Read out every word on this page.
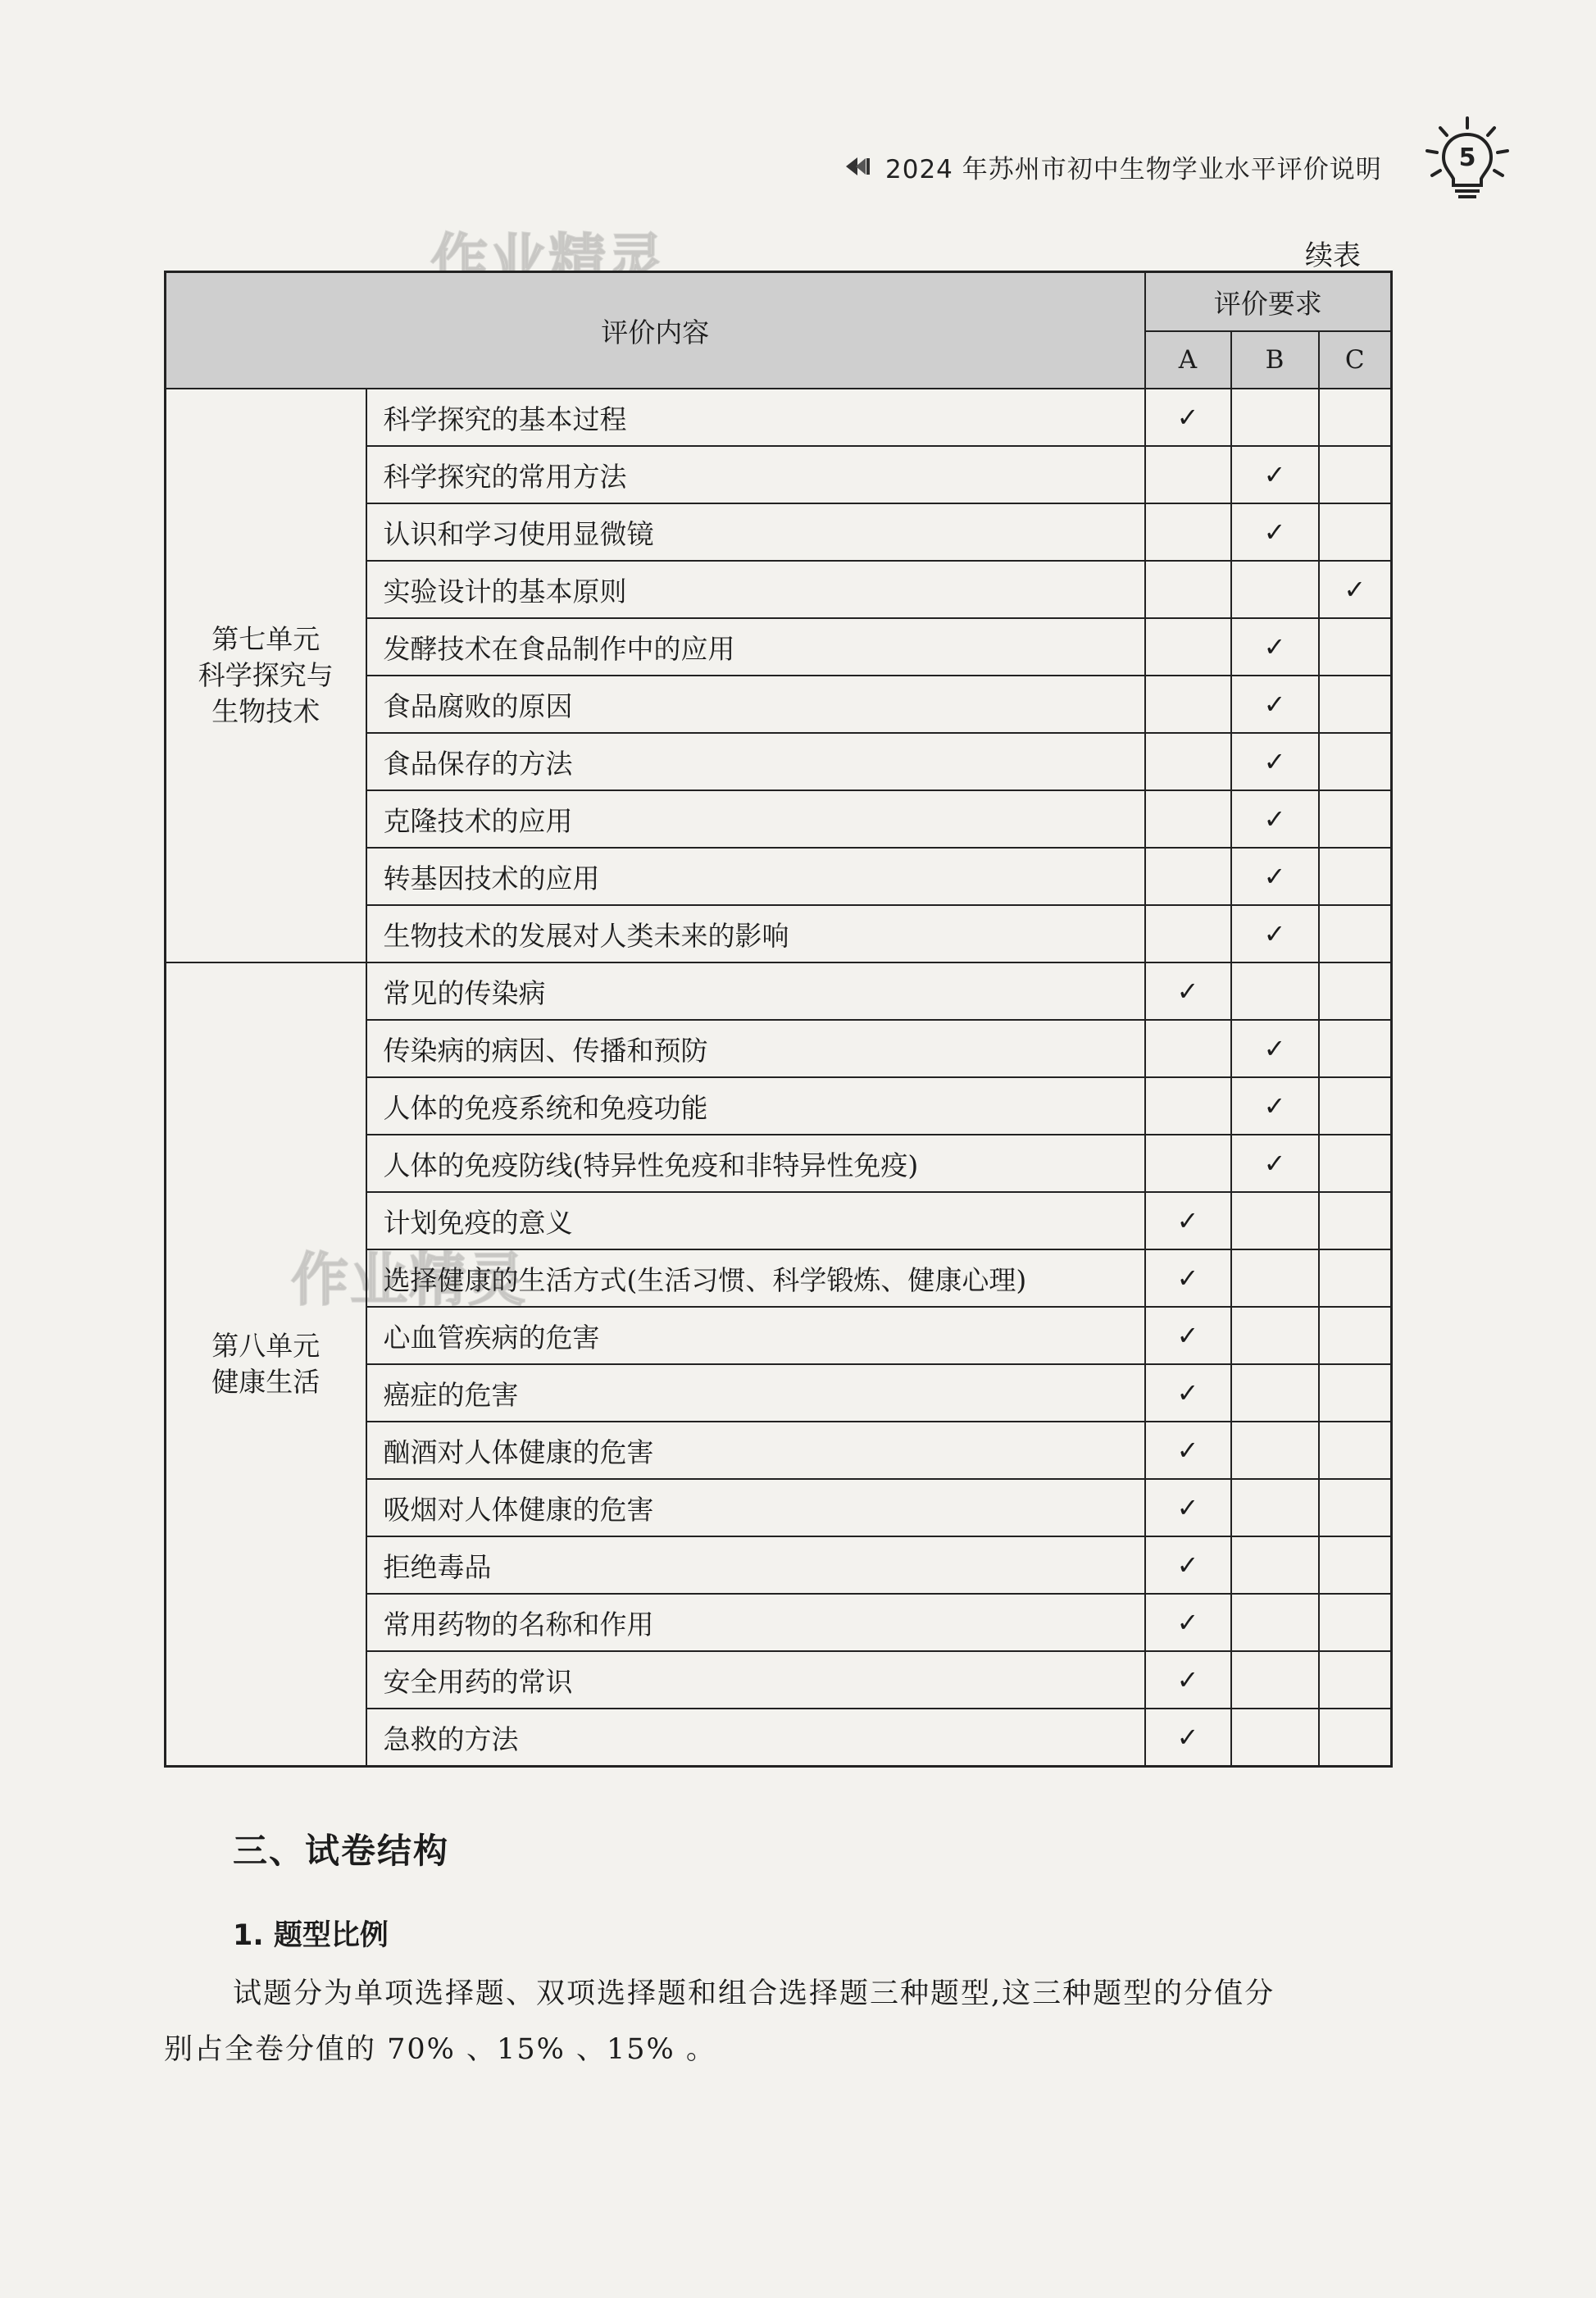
2024 年苏州市初中生物学业水平评价说明	5
作业精灵
作业精灵
续表
评价内容		评价要求		
		A	B	C

第七单元
科学探究与
生物技术	科学探究的基本过程	✓		
	科学探究的常用方法		✓	
	认识和学习使用显微镜		✓	
	实验设计的基本原则			✓
	发酵技术在食品制作中的应用		✓	
	食品腐败的原因		✓	
	食品保存的方法		✓	
	克隆技术的应用		✓	
	转基因技术的应用		✓	
	生物技术的发展对人类未来的影响		✓	

第八单元
健康生活	常见的传染病	✓		
	传染病的病因、传播和预防		✓	
	人体的免疫系统和免疫功能		✓	
	人体的免疫防线(特异性免疫和非特异性免疫)		✓	
	计划免疫的意义	✓		
	选择健康的生活方式(生活习惯、科学锻炼、健康心理)	✓		
	心血管疾病的危害	✓		
	癌症的危害	✓		
	酗酒对人体健康的危害	✓		
	吸烟对人体健康的危害	✓		
	拒绝毒品	✓		
	常用药物的名称和作用	✓		
	安全用药的常识	✓		
	急救的方法	✓		
三、试卷结构
1. 题型比例
试题分为单项选择题、双项选择题和组合选择题三种题型,这三种题型的分值分
别占全卷分值的 70% 、15% 、15% 。
